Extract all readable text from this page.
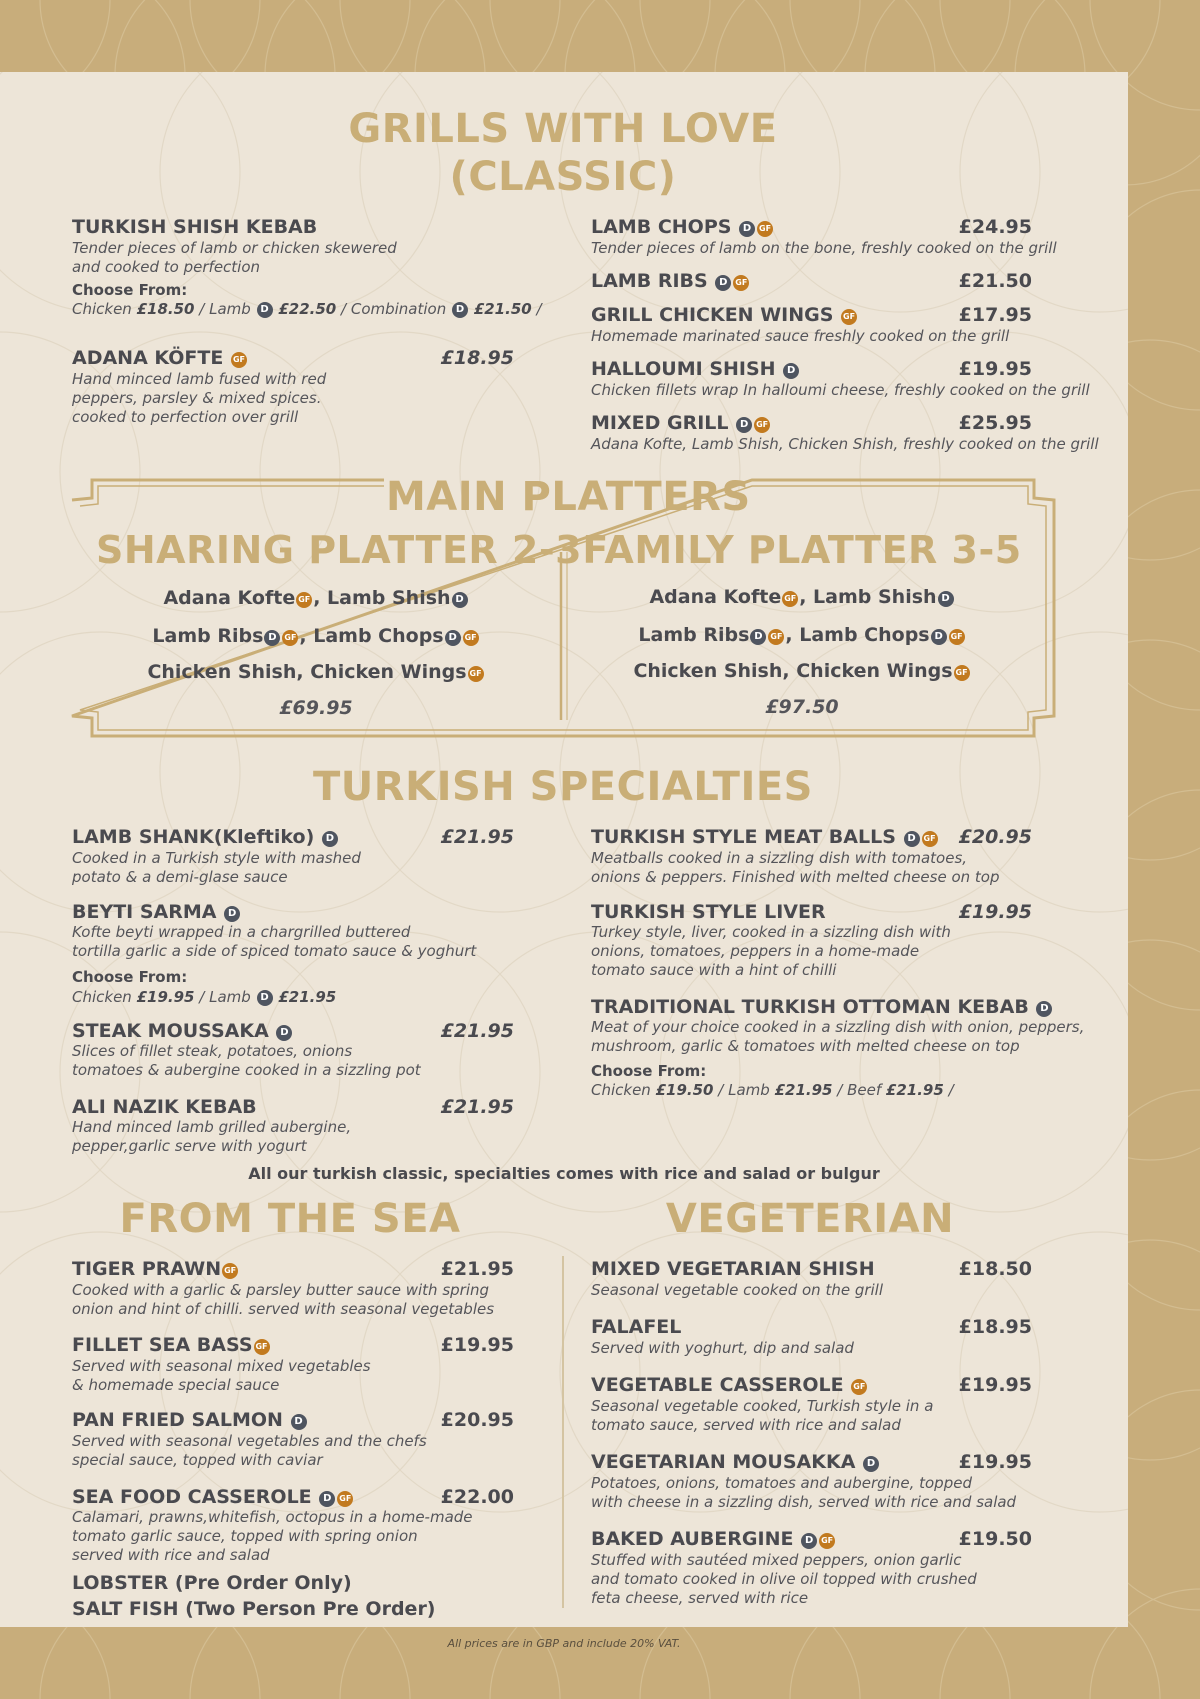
GRILLS WITH LOVE
(CLASSIC)
TURKISH SHISH KEBAB
Tender pieces of lamb or chicken skewered
and cooked to perfection
Choose From:
Chicken £18.50 / Lamb D £22.50 / Combination D £21.50 /
ADANA KÖFTE GF	£18.95
Hand minced lamb fused with red
peppers, parsley & mixed spices.
cooked to perfection over grill
LAMB CHOPS D GF	£24.95
Tender pieces of lamb on the bone, freshly cooked on the grill
LAMB RIBS D GF	£21.50
GRILL CHICKEN WINGS GF	£17.95
Homemade marinated sauce freshly cooked on the grill
HALLOUMI SHISH D	£19.95
Chicken fillets wrap In halloumi cheese, freshly cooked on the grill
MIXED GRILL D GF	£25.95
Adana Kofte, Lamb Shish, Chicken Shish, freshly cooked on the grill
MAIN PLATTERS
SHARING PLATTER 2-3
Adana Kofte GF , Lamb Shish D
Lamb Ribs D GF , Lamb Chops D GF
Chicken Shish, Chicken Wings GF
£69.95
FAMILY PLATTER 3-5
Adana Kofte GF , Lamb Shish D
Lamb Ribs D GF , Lamb Chops D GF
Chicken Shish, Chicken Wings GF
£97.50
TURKISH SPECIALTIES
LAMB SHANK(Kleftiko) D	£21.95
Cooked in a Turkish style with mashed
potato & a demi-glase sauce
BEYTI SARMA D
Kofte beyti wrapped in a chargrilled buttered
tortilla garlic a side of spiced tomato sauce & yoghurt
Choose From:
Chicken £19.95 / Lamb D £21.95
STEAK MOUSSAKA D	£21.95
Slices of fillet steak, potatoes, onions
tomatoes & aubergine cooked in a sizzling pot
ALI NAZIK KEBAB	£21.95
Hand minced lamb grilled aubergine,
pepper,garlic serve with yogurt
TURKISH STYLE MEAT BALLS D GF	£20.95
Meatballs cooked in a sizzling dish with tomatoes,
onions & peppers. Finished with melted cheese on top
TURKISH STYLE LIVER	£19.95
Turkey style, liver, cooked in a sizzling dish with
onions, tomatoes, peppers in a home-made
tomato sauce with a hint of chilli
TRADITIONAL TURKISH OTTOMAN KEBAB D
Meat of your choice cooked in a sizzling dish with onion, peppers,
mushroom, garlic & tomatoes with melted cheese on top
Choose From:
Chicken £19.50 / Lamb £21.95 / Beef £21.95 /
All our turkish classic, specialties comes with rice and salad or bulgur
FROM THE SEA	VEGETERIAN
TIGER PRAWN GF	£21.95
Cooked with a garlic & parsley butter sauce with spring
onion and hint of chilli. served with seasonal vegetables
FILLET SEA BASS GF	£19.95
Served with seasonal mixed vegetables
& homemade special sauce
PAN FRIED SALMON D	£20.95
Served with seasonal vegetables and the chefs
special sauce, topped with caviar
SEA FOOD CASSEROLE D GF	£22.00
Calamari, prawns,whitefish, octopus in a home-made
tomato garlic sauce, topped with spring onion
served with rice and salad
LOBSTER (Pre Order Only)
SALT FISH (Two Person Pre Order)
MIXED VEGETARIAN SHISH	£18.50
Seasonal vegetable cooked on the grill
FALAFEL	£18.95
Served with yoghurt, dip and salad
VEGETABLE CASSEROLE GF	£19.95
Seasonal vegetable cooked, Turkish style in a
tomato sauce, served with rice and salad
VEGETARIAN MOUSAKKA D	£19.95
Potatoes, onions, tomatoes and aubergine, topped
with cheese in a sizzling dish, served with rice and salad
BAKED AUBERGINE D GF	£19.50
Stuffed with sautéed mixed peppers, onion garlic
and tomato cooked in olive oil topped with crushed
feta cheese, served with rice
All prices are in GBP and include 20% VAT.
